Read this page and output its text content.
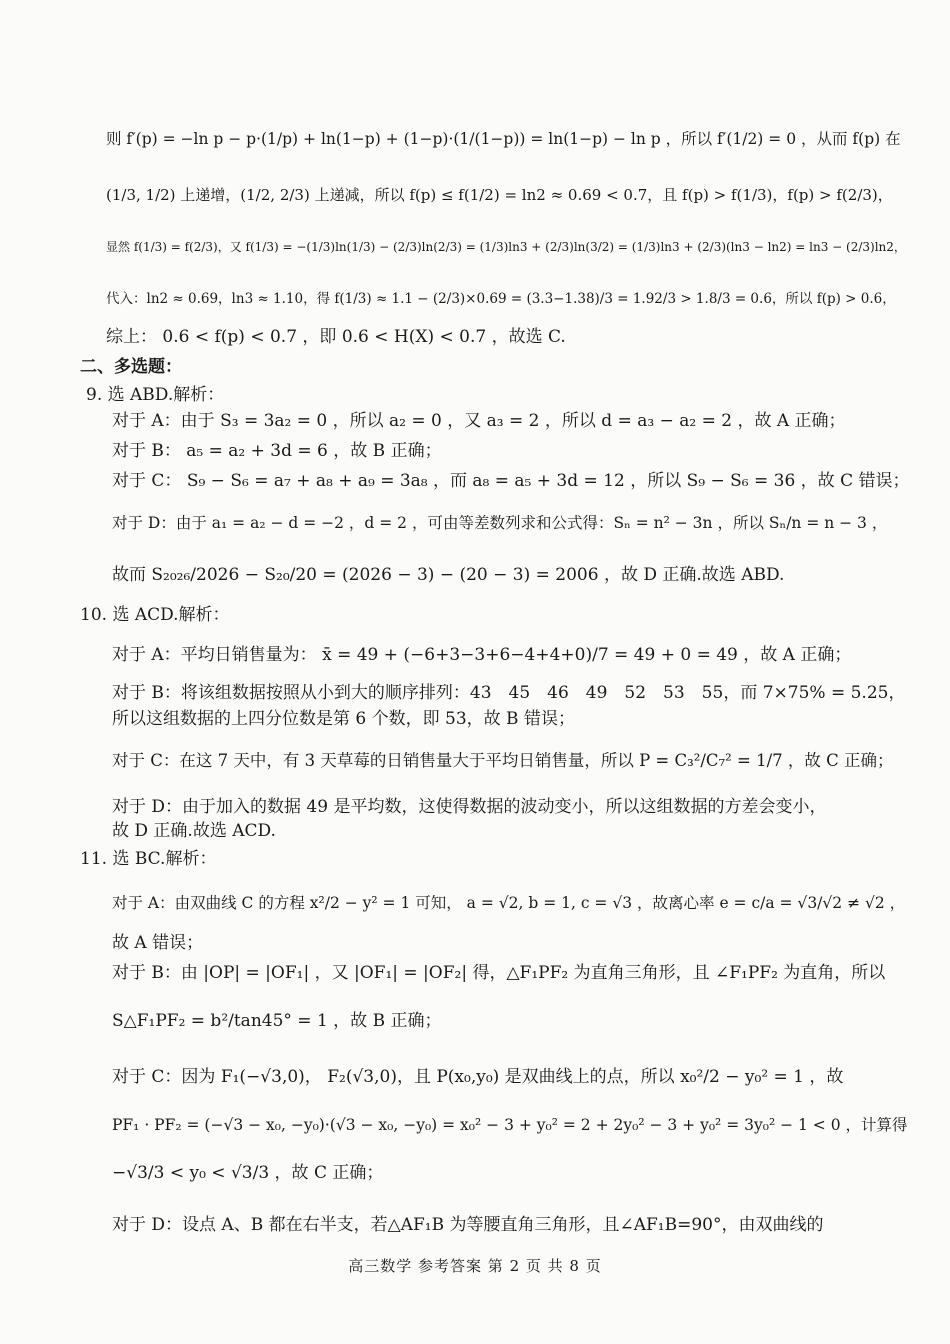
则 f′(p) = −ln p − p·(1/p) + ln(1−p) + (1−p)·(1/(1−p)) = ln(1−p) − ln p ，所以 f′(1/2) = 0 ，从而 f(p) 在
(1/3, 1/2) 上递增，(1/2, 2/3) 上递减，所以 f(p) ≤ f(1/2) = ln2 ≈ 0.69 < 0.7，且 f(p) > f(1/3)，f(p) > f(2/3)，
显然 f(1/3) = f(2/3)，又 f(1/3) = −(1/3)ln(1/3) − (2/3)ln(2/3) = (1/3)ln3 + (2/3)ln(3/2) = (1/3)ln3 + (2/3)(ln3 − ln2) = ln3 − (2/3)ln2，
代入：ln2 ≈ 0.69，ln3 ≈ 1.10，得 f(1/3) ≈ 1.1 − (2/3)×0.69 = (3.3−1.38)/3 = 1.92/3 > 1.8/3 = 0.6，所以 f(p) > 0.6，
综上： 0.6 < f(p) < 0.7 ，即 0.6 < H(X) < 0.7 ，故选 C.
二、多选题：
9. 选 ABD.解析：
对于 A：由于 S₃ = 3a₂ = 0 ，所以 a₂ = 0 ，又 a₃ = 2 ，所以 d = a₃ − a₂ = 2 ，故 A 正确；
对于 B： a₅ = a₂ + 3d = 6 ，故 B 正确；
对于 C： S₉ − S₆ = a₇ + a₈ + a₉ = 3a₈ ，而 a₈ = a₅ + 3d = 12 ，所以 S₉ − S₆ = 36 ，故 C 错误；
对于 D：由于 a₁ = a₂ − d = −2 ，d = 2 ，可由等差数列求和公式得：Sₙ = n² − 3n ，所以 Sₙ/n = n − 3 ，
故而 S₂₀₂₆/2026 − S₂₀/20 = (2026 − 3) − (20 − 3) = 2006 ，故 D 正确.故选 ABD.
10. 选 ACD.解析：
对于 A：平均日销售量为： x̄ = 49 + (−6+3−3+6−4+4+0)/7 = 49 + 0 = 49 ，故 A 正确；
对于 B：将该组数据按照从小到大的顺序排列：43　45　46　49　52　53　55，而 7×75% = 5.25，
所以这组数据的上四分位数是第 6 个数，即 53，故 B 错误；
对于 C：在这 7 天中，有 3 天草莓的日销售量大于平均日销售量，所以 P = C₃²/C₇² = 1/7 ，故 C 正确；
对于 D：由于加入的数据 49 是平均数，这使得数据的波动变小，所以这组数据的方差会变小，
故 D 正确.故选 ACD.
11. 选 BC.解析：
对于 A：由双曲线 C 的方程 x²/2 − y² = 1 可知， a = √2, b = 1, c = √3 ，故离心率 e = c/a = √3/√2 ≠ √2 ，
故 A 错误；
对于 B：由 |OP| = |OF₁| ，又 |OF₁| = |OF₂| 得，△F₁PF₂ 为直角三角形，且 ∠F₁PF₂ 为直角，所以
S△F₁PF₂ = b²/tan45° = 1 ，故 B 正确；
对于 C：因为 F₁(−√3,0)， F₂(√3,0)，且 P(x₀,y₀) 是双曲线上的点，所以 x₀²/2 − y₀² = 1 ，故
PF₁ · PF₂ = (−√3 − x₀, −y₀)·(√3 − x₀, −y₀) = x₀² − 3 + y₀² = 2 + 2y₀² − 3 + y₀² = 3y₀² − 1 < 0 ，计算得
−√3/3 < y₀ < √3/3 ，故 C 正确；
对于 D：设点 A、B 都在右半支，若△AF₁B 为等腰直角三角形，且∠AF₁B=90°，由双曲线的
高三数学 参考答案 第 2 页 共 8 页
